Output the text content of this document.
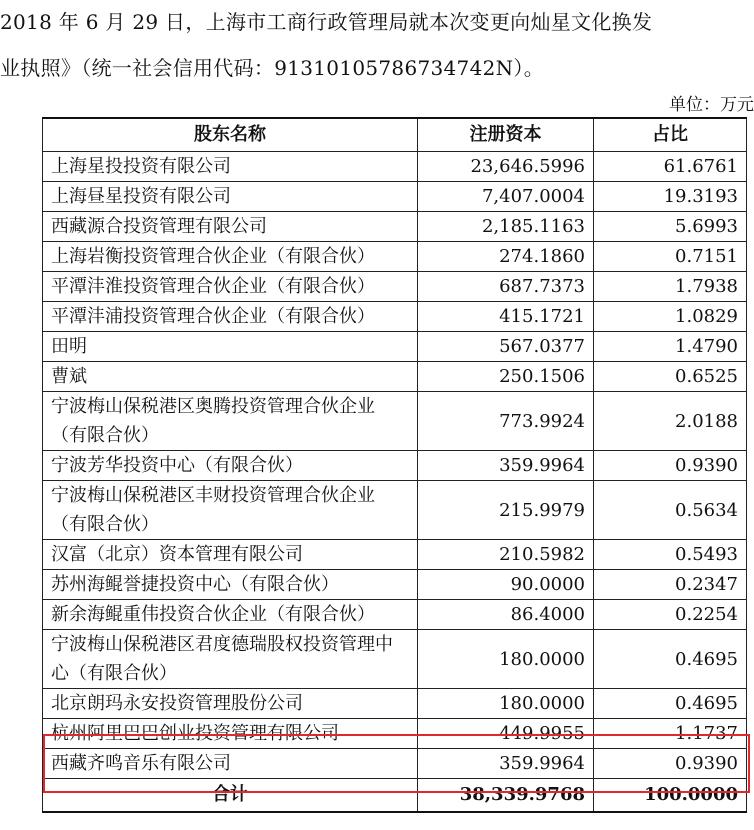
2018 年 6 月 29 日，上海市工商行政管理局就本次变更向灿星文化换发
业执照》（统一社会信用代码：91310105786734742N）。
单位：万元
股东名称	注册资本	占比
上海星投投资有限公司	23,646.5996	61.6761
上海昼星投资有限公司	7,407.0004	19.3193
西藏源合投资管理有限公司	2,185.1163	5.6993
上海岩衡投资管理合伙企业（有限合伙）	274.1860	0.7151
平潭沣淮投资管理合伙企业（有限合伙）	687.7373	1.7938
平潭沣浦投资管理合伙企业（有限合伙）	415.1721	1.0829
田明	567.0377	1.4790
曹斌	250.1506	0.6525
宁波梅山保税港区奥腾投资管理合伙企业（有限合伙）	773.9924	2.0188
宁波芳华投资中心（有限合伙）	359.9964	0.9390
宁波梅山保税港区丰财投资管理合伙企业（有限合伙）	215.9979	0.5634
汉富（北京）资本管理有限公司	210.5982	0.5493
苏州海鲲誉捷投资中心（有限合伙）	90.0000	0.2347
新余海鲲重伟投资合伙企业（有限合伙）	86.4000	0.2254
宁波梅山保税港区君度德瑞股权投资管理中心（有限合伙）	180.0000	0.4695
北京朗玛永安投资管理股份公司	180.0000	0.4695
杭州阿里巴巴创业投资管理有限公司	449.9955	1.1737
西藏齐鸣音乐有限公司	359.9964	0.9390
合计	38,339.9768	100.0000
